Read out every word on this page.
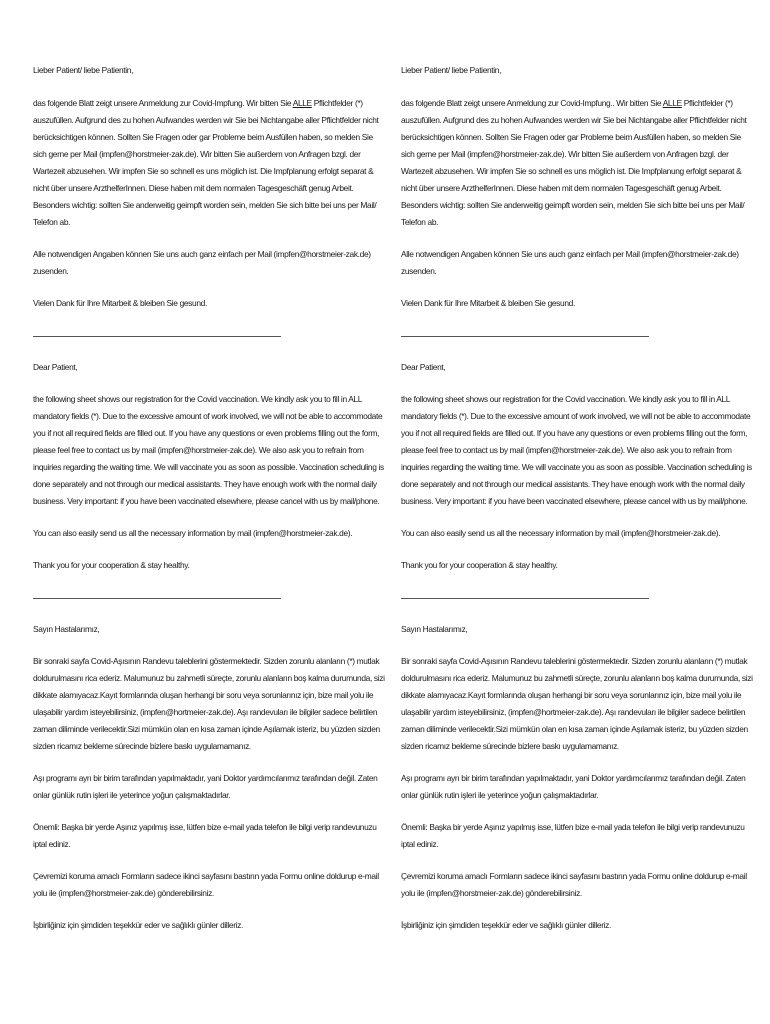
Lieber Patient/ liebe Patientin,

das folgende Blatt zeigt unsere Anmeldung zur Covid-Impfung. Wir bitten Sie ALLE Pflichtfelder (*) auszufüllen. Aufgrund des zu hohen Aufwandes werden wir Sie bei Nichtangabe aller Pflichtfelder nicht berücksichtigen können. Sollten Sie Fragen oder gar Probleme beim Ausfüllen haben, so melden Sie sich gerne per Mail (impfen@horstmeier-zak.de). Wir bitten Sie außerdem von Anfragen bzgl. der Wartezeit abzusehen. Wir impfen Sie so schnell es uns möglich ist. Die Impfplanung erfolgt separat & nicht über unsere ArzthelferInnen. Diese haben mit dem normalen Tagesgeschäft genug Arbeit. Besonders wichtig: sollten Sie anderweitig geimpft worden sein, melden Sie sich bitte bei uns per Mail/ Telefon ab.

Alle notwendigen Angaben können Sie uns auch ganz einfach per Mail (impfen@horstmeier-zak.de) zusenden.

Vielen Dank für Ihre Mitarbeit & bleiben Sie gesund.

Dear Patient,

the following sheet shows our registration for the Covid vaccination. We kindly ask you to fill in ALL mandatory fields (*). Due to the excessive amount of work involved, we will not be able to accommodate you if not all required fields are filled out. If you have any questions or even problems filling out the form, please feel free to contact us by mail (impfen@horstmeier-zak.de). We also ask you to refrain from inquiries regarding the waiting time. We will vaccinate you as soon as possible. Vaccination scheduling is done separately and not through our medical assistants. They have enough work with the normal daily business. Very important: if you have been vaccinated elsewhere, please cancel with us by mail/phone.

You can also easily send us all the necessary information by mail (impfen@horstmeier-zak.de).

Thank you for your cooperation & stay healthy.

Sayın Hastalarımız,

Bir sonraki sayfa Covid-Aşısının Randevu taleblerini göstermektedir. Sizden zorunlu alanların (*) mutlak doldurulmasını rica ederiz. Malumunuz bu zahmetli süreçte, zorunlu alanların boş kalma durumunda, sizi dikkate alamıyacaz.Kayıt formlarında oluşan herhangi bir soru veya sorunlarınız için, bize mail yolu ile ulaşabilir yardım isteyebilirsiniz, (impfen@hortmeier-zak.de). Aşı randevuları ile bilgiler sadece belirtilen zaman diliminde verilecektir.Sizi mümkün olan en kısa zaman içinde Aşılamak isteriz, bu yüzden sizden sizden ricamız bekleme sürecinde bizlere baskı uygulamamanız.

Aşı programı ayrı bir birim tarafından yapılmaktadır, yani Doktor yardımcılarımız tarafından değil. Zaten onlar günlük rutin işleri ile yeterince yoğun çalışmaktadırlar.

Önemli: Başka bir yerde Aşınız yapılmış isse, lütfen bize e-mail yada telefon ile bilgi verip randevunuzu iptal ediniz.

Çevremizi koruma amaclı Formların sadece ikinci sayfasını bastırın yada Formu online doldurup e-mail yolu ile (impfen@horstmeier-zak.de) gönderebilirsiniz.

İşbirliğiniz için şimdiden teşekkür eder ve sağlıklı günler dilleriz.

Lieber Patient/ liebe Patientin,

das folgende Blatt zeigt unsere Anmeldung zur Covid-Impfung.. Wir bitten Sie ALLE Pflichtfelder (*) auszufüllen. Aufgrund des zu hohen Aufwandes werden wir Sie bei Nichtangabe aller Pflichtfelder nicht berücksichtigen können. Sollten Sie Fragen oder gar Probleme beim Ausfüllen haben, so melden Sie sich gerne per Mail (impfen@horstmeier-zak.de). Wir bitten Sie außerdem von Anfragen bzgl. der Wartezeit abzusehen. Wir impfen Sie so schnell es uns möglich ist. Die Impfplanung erfolgt separat & nicht über unsere ArzthelferInnen. Diese haben mit dem normalen Tagesgeschäft genug Arbeit. Besonders wichtig: sollten Sie anderweitig geimpft worden sein, melden Sie sich bitte bei uns per Mail/ Telefon ab.

Alle notwendigen Angaben können Sie uns auch ganz einfach per Mail (impfen@horstmeier-zak.de) zusenden.

Vielen Dank für Ihre Mitarbeit & bleiben Sie gesund.

Dear Patient,

the following sheet shows our registration for the Covid vaccination. We kindly ask you to fill in ALL mandatory fields (*). Due to the excessive amount of work involved, we will not be able to accommodate you if not all required fields are filled out. If you have any questions or even problems filling out the form, please feel free to contact us by mail (impfen@horstmeier-zak.de). We also ask you to refrain from inquiries regarding the waiting time. We will vaccinate you as soon as possible. Vaccination scheduling is done separately and not through our medical assistants. They have enough work with the normal daily business. Very important: if you have been vaccinated elsewhere, please cancel with us by mail/phone.

You can also easily send us all the necessary information by mail (impfen@horstmeier-zak.de).

Thank you for your cooperation & stay healthy.

Sayın Hastalarımız,

Bir sonraki sayfa Covid-Aşısının Randevu taleblerini göstermektedir. Sizden zorunlu alanların (*) mutlak doldurulmasını rica ederiz. Malumunuz bu zahmetli süreçte, zorunlu alanların boş kalma durumunda, sizi dikkate alamıyacaz.Kayıt formlarında oluşan herhangi bir soru veya sorunlarınız için, bize mail yolu ile ulaşabilir yardım isteyebilirsiniz, (impfen@hortmeier-zak.de). Aşı randevuları ile bilgiler sadece belirtilen zaman diliminde verilecektir.Sizi mümkün olan en kısa zaman içinde Aşılamak isteriz, bu yüzden sizden sizden ricamız bekleme sürecinde bizlere baskı uygulamamanız.

Aşı programı ayrı bir birim tarafından yapılmaktadır, yani Doktor yardımcılarımız tarafından değil. Zaten onlar günlük rutin işleri ile yeterince yoğun çalışmaktadırlar.

Önemli: Başka bir yerde Aşınız yapılmış isse, lütfen bize e-mail yada telefon ile bilgi verip randevunuzu iptal ediniz.

Çevremizi koruma amaclı Formların sadece ikinci sayfasını bastırın yada Formu online doldurup e-mail yolu ile (impfen@horstmeier-zak.de) gönderebilirsiniz.

İşbirliğiniz için şimdiden teşekkür eder ve sağlıklı günler dilleriz.
